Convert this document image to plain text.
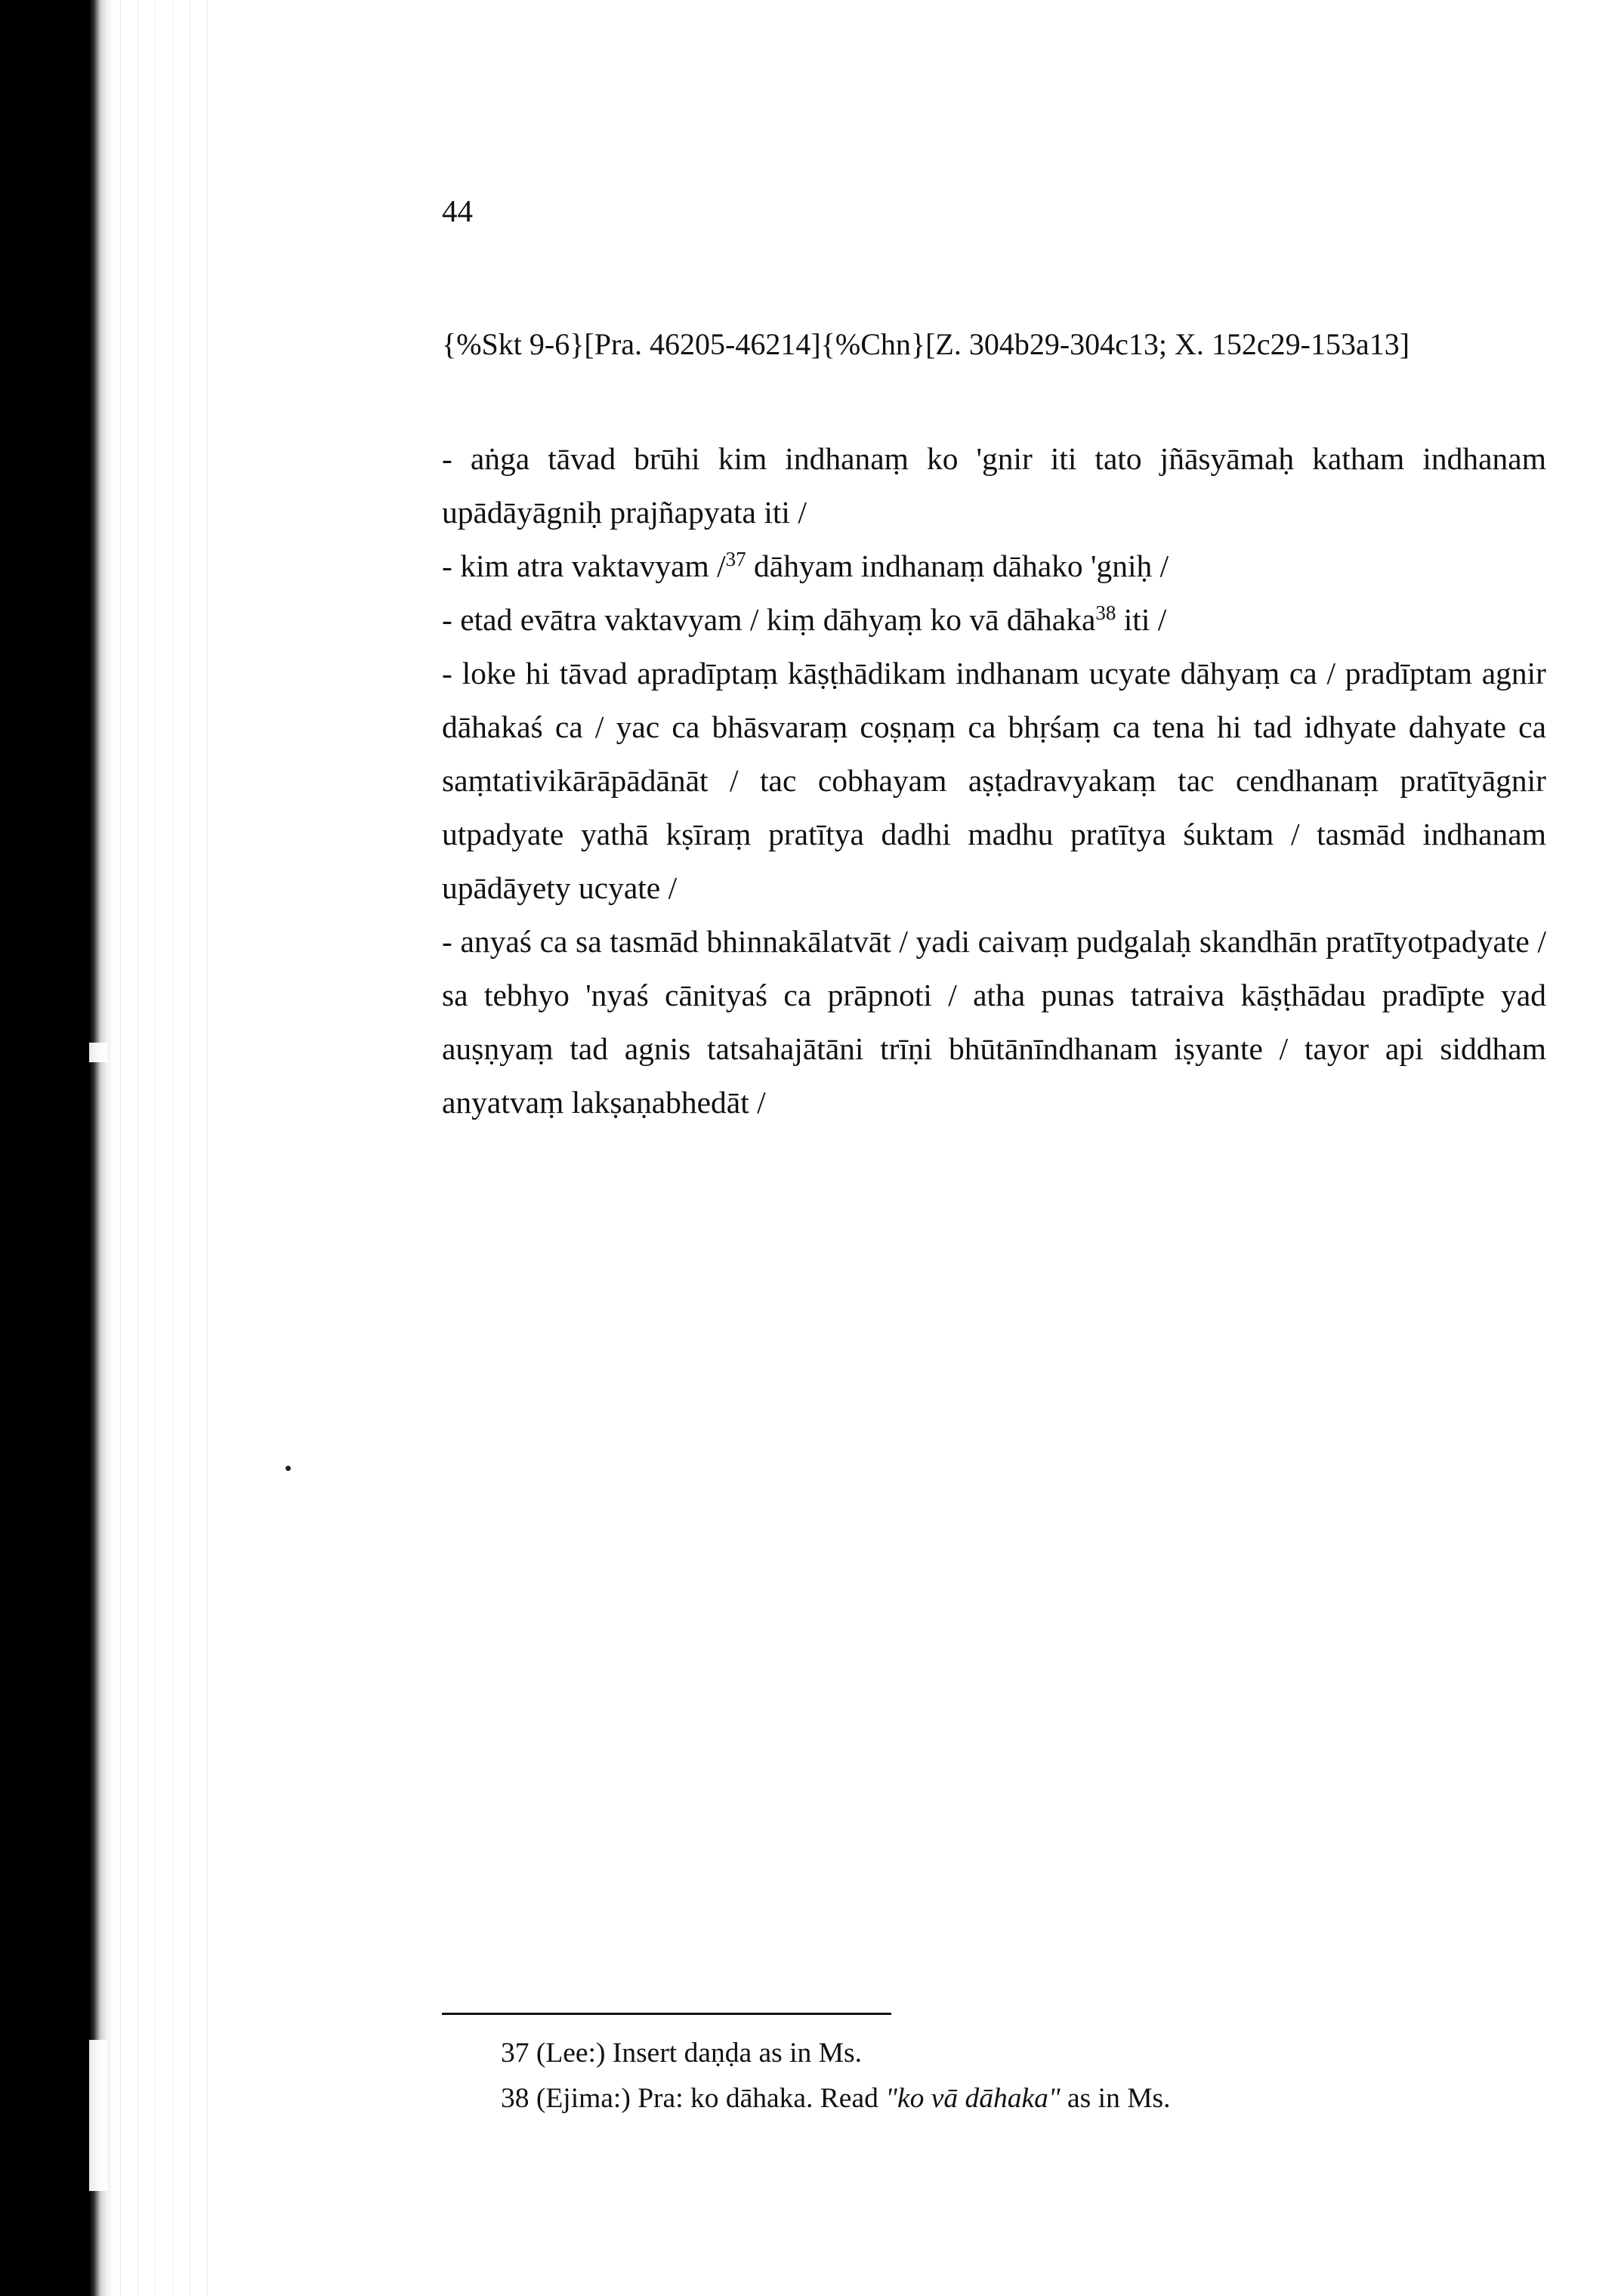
44
{%Skt 9-6}[Pra. 46205-46214]{%Chn}[Z. 304b29-304c13; X. 152c29-153a13]

- aṅga tāvad brūhi kim indhanaṃ ko 'gnir iti tato jñāsyāmaḥ katham indhanam upādāyāgniḥ prajñapyata iti /

- kim atra vaktavyam /$^{37}$ dāhyam indhanaṃ dāhako 'gniḥ /

- etad evātra vaktavyam / kiṃ dāhyaṃ ko vā dāhaka$^{38}$ iti /

- loke hi tāvad apradīptaṃ kāṣṭhādikam indhanam ucyate dāhyaṃ ca / pradīptam agnir dāhakaś ca / yac ca bhāsvaraṃ coṣṇaṃ ca bhṛśaṃ ca tena hi tad idhyate dahyate ca saṃtativikārāpādānāt / tac cobhayam aṣṭadravyakaṃ tac cendhanaṃ pratītyāgnir utpadyate yathā kṣīraṃ pratītya dadhi madhu pratītya śuktam / tasmād indhanam upādāyety ucyate /

- anyaś ca sa tasmād bhinnakālatvāt / yadi caivaṃ pudgalaḥ skandhān pratītyotpadyate / sa tebhyo 'nyaś cānityaś ca prāpnoti / atha punas tatraiva kāṣṭhādau pradīpte yad auṣṇyaṃ tad agnis tatsahajātāni trīṇi bhūtānīndhanam iṣyante / tayor api siddham anyatvaṃ lakṣaṇabhedāt /

37 (Lee:) Insert daṇḍa as in Ms.

38 (Ejima:) Pra: ko dāhaka. Read "ko vā dāhaka" as in Ms.
